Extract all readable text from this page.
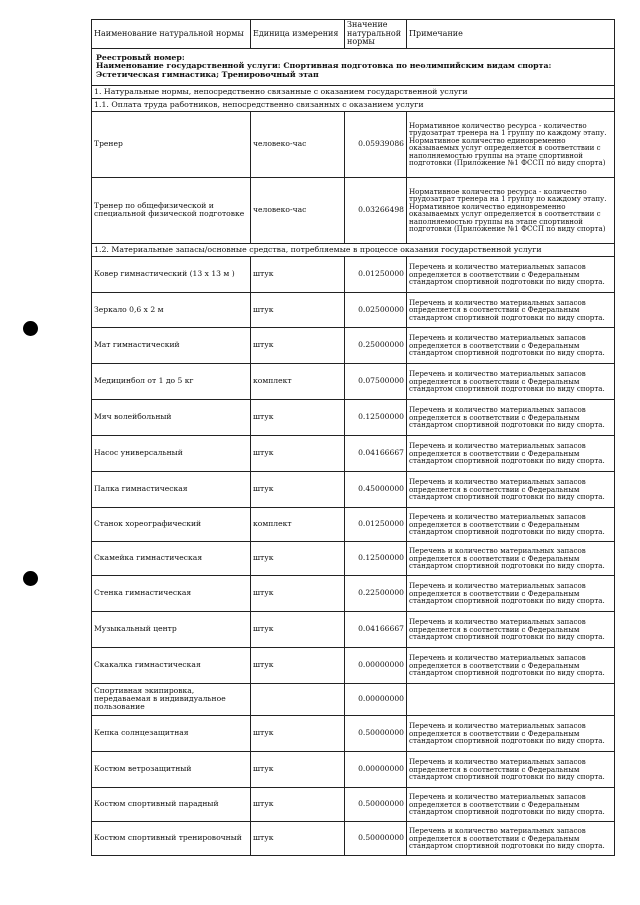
Наименование натуральной нормы	Единица измерения	Значение натуральной нормы	Примечание

Реестровый номер:
Наименование государственной услуги: Спортивная подготовка по неолимпийским видам спорта:
Эстетическая гимнастика; Тренировочный этап			

1. Натуральные нормы, непосредственно связанные с оказанием государственной услуги			
1.1. Оплата труда работников, непосредственно связанных с оказанием услуги			
Тренер	человеко-час	0.05939086	Нормативное количество ресурса - количество трудозатрат тренера на 1 группу по каждому этапу. Нормативное количество единовременно оказываемых услуг определяется в соответствии с наполняемостью группы на этапе спортивной подготовки (Приложение №1 ФССП по виду спорта)
Тренер по общефизической и специальной физической подготовке	человеко-час	0.03266498	Нормативное количество ресурса - количество трудозатрат тренера на 1 группу по каждому этапу. Нормативное количество единовременно оказываемых услуг определяется в соответствии с наполняемостью группы на этапе спортивной подготовки (Приложение №1 ФССП по виду спорта)
1.2. Материальные запасы/основные средства, потребляемые в процессе оказания государственной услуги			
Ковер гимнастический (13 x 13 м )	штук	0.01250000	Перечень и количество материальных запасов определяется в соответствии с Федеральным стандартом спортивной подготовки по виду спорта.
Зеркало 0,6 x 2 м	штук	0.02500000	Перечень и количество материальных запасов определяется в соответствии с Федеральным стандартом спортивной подготовки по виду спорта.
Мат гимнастический	штук	0.25000000	Перечень и количество материальных запасов определяется в соответствии с Федеральным стандартом спортивной подготовки по виду спорта.
Медицинбол от 1 до 5 кг	комплект	0.07500000	Перечень и количество материальных запасов определяется в соответствии с Федеральным стандартом спортивной подготовки по виду спорта.
Мяч волейбольный	штук	0.12500000	Перечень и количество материальных запасов определяется в соответствии с Федеральным стандартом спортивной подготовки по виду спорта.
Насос универсальный	штук	0.04166667	Перечень и количество материальных запасов определяется в соответствии с Федеральным стандартом спортивной подготовки по виду спорта.
Палка гимнастическая	штук	0.45000000	Перечень и количество материальных запасов определяется в соответствии с Федеральным стандартом спортивной подготовки по виду спорта.
Станок хореографический	комплект	0.01250000	Перечень и количество материальных запасов определяется в соответствии с Федеральным стандартом спортивной подготовки по виду спорта.
Скамейка гимнастическая	штук	0.12500000	Перечень и количество материальных запасов определяется в соответствии с Федеральным стандартом спортивной подготовки по виду спорта.
Стенка гимнастическая	штук	0.22500000	Перечень и количество материальных запасов определяется в соответствии с Федеральным стандартом спортивной подготовки по виду спорта.
Музыкальный центр	штук	0.04166667	Перечень и количество материальных запасов определяется в соответствии с Федеральным стандартом спортивной подготовки по виду спорта.
Скакалка гимнастическая	штук	0.00000000	Перечень и количество материальных запасов определяется в соответствии с Федеральным стандартом спортивной подготовки по виду спорта.
Спортивная экипировка, передаваемая в индивидуальное пользование		0.00000000	
Кепка солнцезащитная	штук	0.50000000	Перечень и количество материальных запасов определяется в соответствии с Федеральным стандартом спортивной подготовки по виду спорта.
Костюм ветрозащитный	штук	0.00000000	Перечень и количество материальных запасов определяется в соответствии с Федеральным стандартом спортивной подготовки по виду спорта.
Костюм спортивный парадный	штук	0.50000000	Перечень и количество материальных запасов определяется в соответствии с Федеральным стандартом спортивной подготовки по виду спорта.
Костюм спортивный тренировочный	штук	0.50000000	Перечень и количество материальных запасов определяется в соответствии с Федеральным стандартом спортивной подготовки по виду спорта.
